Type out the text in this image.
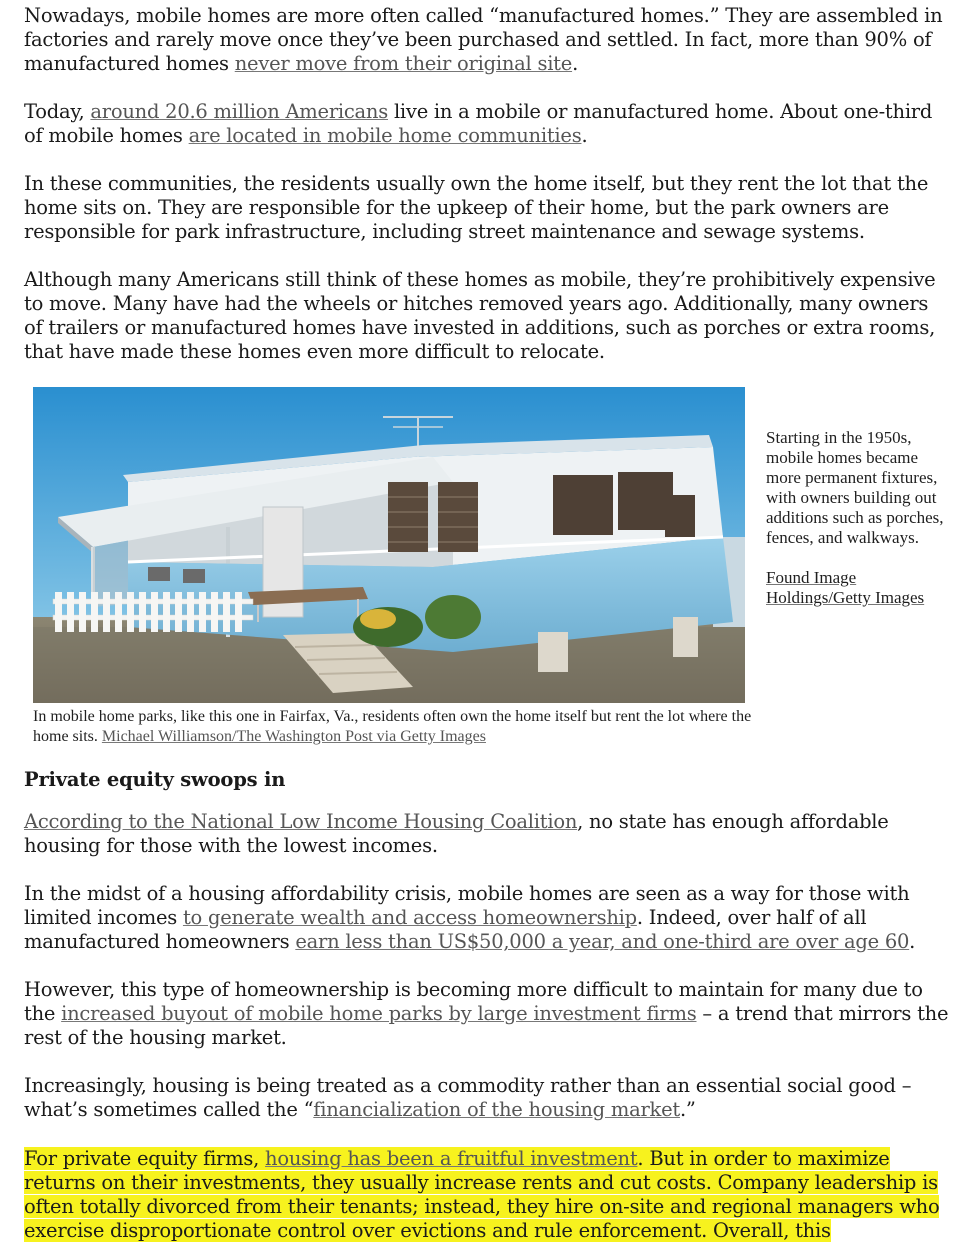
Nowadays, mobile homes are more often called “manufactured homes.” They are assembled in factories and rarely move once they’ve been purchased and settled. In fact, more than 90% of manufactured homes never move from their original site.

Today, around 20.6 million Americans live in a mobile or manufactured home. About one-third of mobile homes are located in mobile home communities.

In these communities, the residents usually own the home itself, but they rent the lot that the home sits on. They are responsible for the upkeep of their home, but the park owners are responsible for park infrastructure, including street maintenance and sewage systems.

Although many Americans still think of these homes as mobile, they’re prohibitively expensive to move. Many have had the wheels or hitches removed years ago. Additionally, many owners of trailers or manufactured homes have invested in additions, such as porches or extra rooms, that have made these homes even more difficult to relocate.

Private equity swoops in

According to the National Low Income Housing Coalition, no state has enough affordable housing for those with the lowest incomes.

In the midst of a housing affordability crisis, mobile homes are seen as a way for those with limited incomes to generate wealth and access homeownership. Indeed, over half of all manufactured homeowners earn less than US$50,000 a year, and one-third are over age 60.

However, this type of homeownership is becoming more difficult to maintain for many due to the increased buyout of mobile home parks by large investment firms – a trend that mirrors the rest of the housing market.

Increasingly, housing is being treated as a commodity rather than an essential social good – what’s sometimes called the “financialization of the housing market.”

For private equity firms, housing has been a fruitful investment. But in order to maximize returns on their investments, they usually increase rents and cut costs. Company leadership is often totally divorced from their tenants; instead, they hire on-site and regional managers who exercise disproportionate control over evictions and rule enforcement. Overall, this

In mobile home parks, like this one in Fairfax, Va., residents often own the home itself but rent the lot where the home sits. Michael Williamson/The Washington Post via Getty Images
Starting in the 1950s, mobile homes became more permanent fixtures, with owners building out additions such as porches, fences, and walkways.
Found Image Holdings/Getty Images
